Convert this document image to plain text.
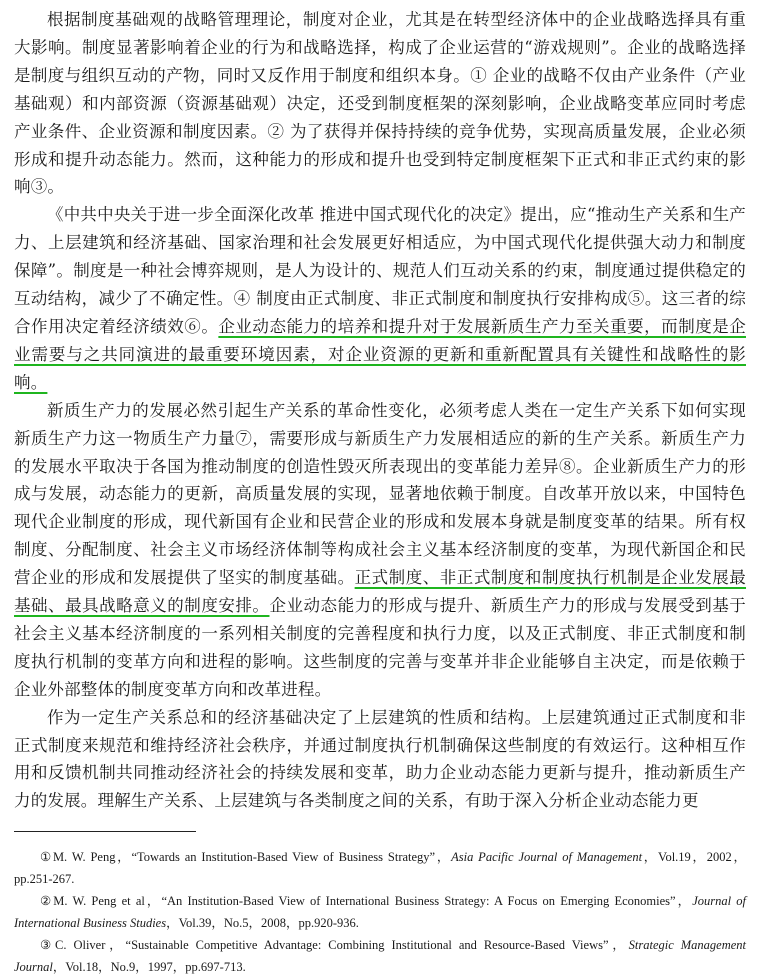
根据制度基础观的战略管理理论，制度对企业，尤其是在转型经济体中的企业战略选择具有重大影响。制度显著影响着企业的行为和战略选择，构成了企业运营的“游戏规则”。企业的战略选择是制度与组织互动的产物，同时又反作用于制度和组织本身。① 企业的战略不仅由产业条件（产业基础观）和内部资源（资源基础观）决定，还受到制度框架的深刻影响，企业战略变革应同时考虑产业条件、企业资源和制度因素。② 为了获得并保持持续的竞争优势，实现高质量发展，企业必须形成和提升动态能力。然而，这种能力的形成和提升也受到特定制度框架下正式和非正式约束的影响③。

《中共中央关于进一步全面深化改革 推进中国式现代化的决定》提出，应“推动生产关系和生产力、上层建筑和经济基础、国家治理和社会发展更好相适应，为中国式现代化提供强大动力和制度保障”。制度是一种社会博弈规则，是人为设计的、规范人们互动关系的约束，制度通过提供稳定的互动结构，减少了不确定性。④ 制度由正式制度、非正式制度和制度执行安排构成⑤。这三者的综合作用决定着经济绩效⑥。企业动态能力的培养和提升对于发展新质生产力至关重要，而制度是企业需要与之共同演进的最重要环境因素，对企业资源的更新和重新配置具有关键性和战略性的影响。

新质生产力的发展必然引起生产关系的革命性变化，必须考虑人类在一定生产关系下如何实现新质生产力这一物质生产力量⑦，需要形成与新质生产力发展相适应的新的生产关系。新质生产力的发展水平取决于各国为推动制度的创造性毁灭所表现出的变革能力差异⑧。企业新质生产力的形成与发展，动态能力的更新，高质量发展的实现，显著地依赖于制度。自改革开放以来，中国特色现代企业制度的形成，现代新国有企业和民营企业的形成和发展本身就是制度变革的结果。所有权制度、分配制度、社会主义市场经济体制等构成社会主义基本经济制度的变革，为现代新国企和民营企业的形成和发展提供了坚实的制度基础。正式制度、非正式制度和制度执行机制是企业发展最基础、最具战略意义的制度安排。企业动态能力的形成与提升、新质生产力的形成与发展受到基于社会主义基本经济制度的一系列相关制度的完善程度和执行力度，以及正式制度、非正式制度和制度执行机制的变革方向和进程的影响。这些制度的完善与变革并非企业能够自主决定，而是依赖于企业外部整体的制度变革方向和改革进程。

作为一定生产关系总和的经济基础决定了上层建筑的性质和结构。上层建筑通过正式制度和非正式制度来规范和维持经济社会秩序，并通过制度执行机制确保这些制度的有效运行。这种相互作用和反馈机制共同推动经济社会的持续发展和变革，助力企业动态能力更新与提升，推动新质生产力的发展。理解生产关系、上层建筑与各类制度之间的关系，有助于深入分析企业动态能力更

①M. W. Peng，“Towards an Institution-Based View of Business Strategy”，Asia Pacific Journal of Management，Vol.19，2002，pp.251-267.

②M. W. Peng et al，“An Institution-Based View of International Business Strategy: A Focus on Emerging Economies”，Journal of International Business Studies，Vol.39，No.5，2008，pp.920-936.

③C. Oliver，“Sustainable Competitive Advantage: Combining Institutional and Resource-Based Views”，Strategic Management Journal，Vol.18，No.9，1997，pp.697-713.
